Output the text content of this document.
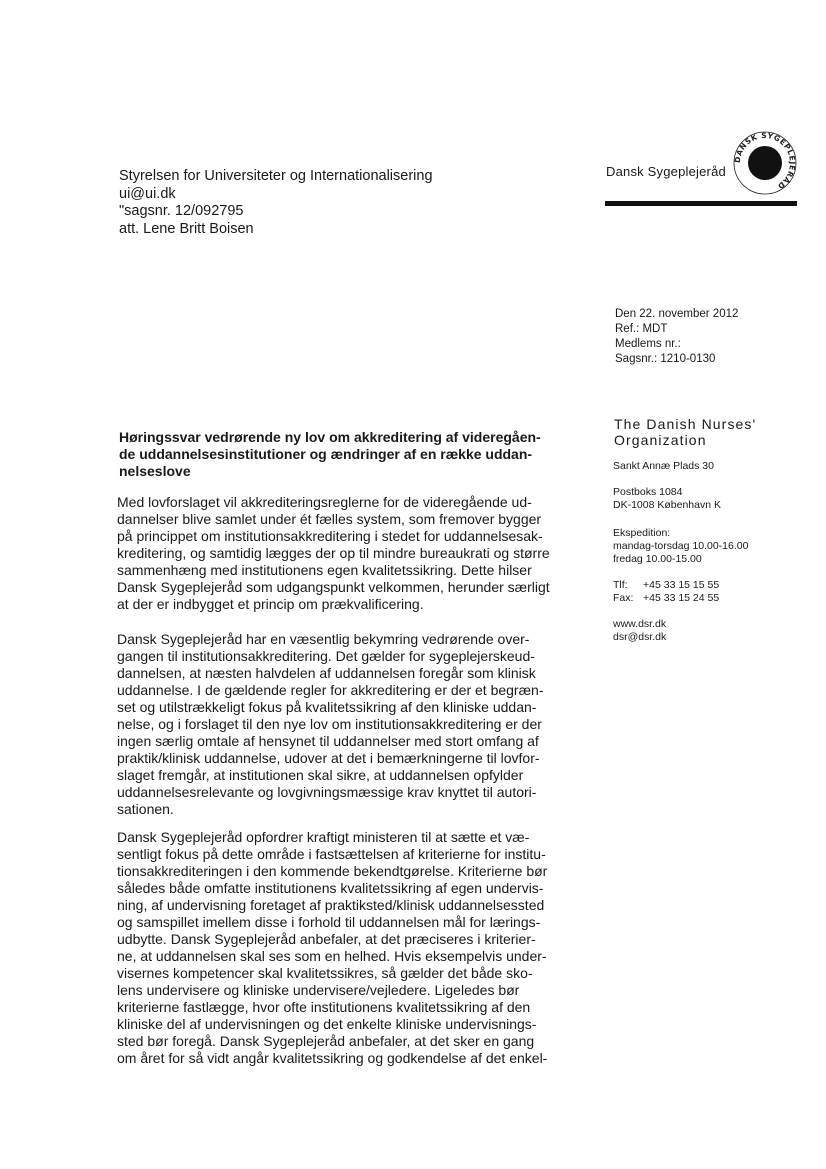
Styrelsen for Universiteter og Internationalisering
ui@ui.dk
"sagsnr. 12/092795
att. Lene Britt Boisen
Dansk Sygeplejeråd
DANSK SYGEPLEJERÅD
Den 22. november 2012
Ref.: MDT
Medlems nr.:
Sagsnr.: 1210-0130
The Danish Nurses'
Organization
Sankt Annæ Plads 30
Postboks 1084
DK-1008 København K
Ekspedition:
mandag-torsdag 10.00-16.00
fredag 10.00-15.00
Tlf: +45 33 15 15 55
Fax: +45 33 15 24 55
www.dsr.dk
dsr@dsr.dk
Høringssvar vedrørende ny lov om akkreditering af videregåen-
de uddannelsesinstitutioner og ændringer af en række uddan-
nelseslove
Med lovforslaget vil akkrediteringsreglerne for de videregående ud-
dannelser blive samlet under ét fælles system, som fremover bygger
på princippet om institutionsakkreditering i stedet for uddannelsesak-
kreditering, og samtidig lægges der op til mindre bureaukrati og større
sammenhæng med institutionens egen kvalitetssikring. Dette hilser
Dansk Sygeplejeråd som udgangspunkt velkommen, herunder særligt
at der er indbygget et princip om prækvalificering.
Dansk Sygeplejeråd har en væsentlig bekymring vedrørende over-
gangen til institutionsakkreditering. Det gælder for sygeplejerskeud-
dannelsen, at næsten halvdelen af uddannelsen foregår som klinisk
uddannelse. I de gældende regler for akkreditering er der et begræn-
set og utilstrækkeligt fokus på kvalitetssikring af den kliniske uddan-
nelse, og i forslaget til den nye lov om institutionsakkreditering er der
ingen særlig omtale af hensynet til uddannelser med stort omfang af
praktik/klinisk uddannelse, udover at det i bemærkningerne til lovfor-
slaget fremgår, at institutionen skal sikre, at uddannelsen opfylder
uddannelsesrelevante og lovgivningsmæssige krav knyttet til autori-
sationen.
Dansk Sygeplejeråd opfordrer kraftigt ministeren til at sætte et væ-
sentligt fokus på dette område i fastsættelsen af kriterierne for institu-
tionsakkrediteringen i den kommende bekendtgørelse. Kriterierne bør
således både omfatte institutionens kvalitetssikring af egen undervis-
ning, af undervisning foretaget af praktiksted/klinisk uddannelsessted
og samspillet imellem disse i forhold til uddannelsen mål for lærings-
udbytte. Dansk Sygeplejeråd anbefaler, at det præciseres i kriterier-
ne, at uddannelsen skal ses som en helhed. Hvis eksempelvis under-
visernes kompetencer skal kvalitetssikres, så gælder det både sko-
lens undervisere og kliniske undervisere/vejledere. Ligeledes bør
kriterierne fastlægge, hvor ofte institutionens kvalitetssikring af den
kliniske del af undervisningen og det enkelte kliniske undervisnings-
sted bør foregå. Dansk Sygeplejeråd anbefaler, at det sker en gang
om året for så vidt angår kvalitetssikring og godkendelse af det enkel-
